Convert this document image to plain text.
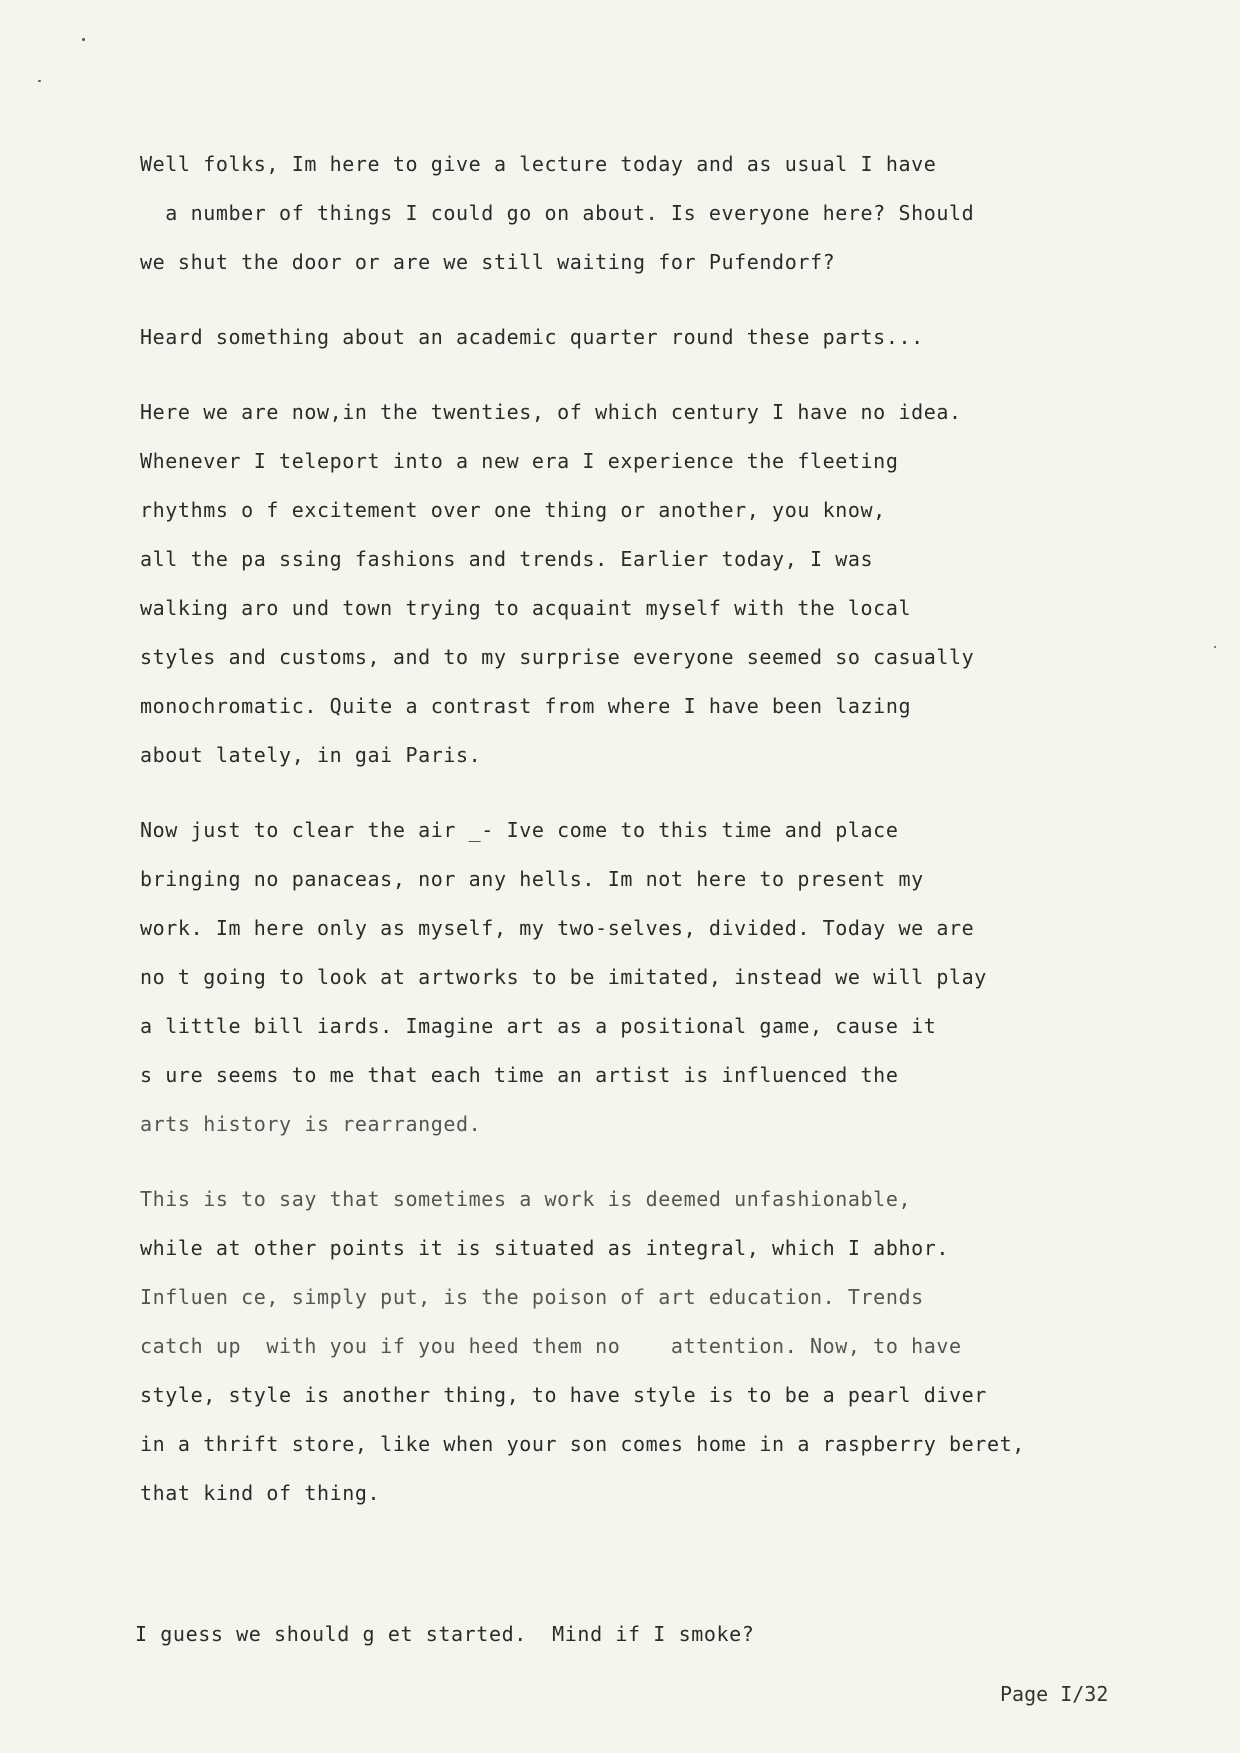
Well folks, Im here to give a lecture today and as usual I have
a number of things I could go on about. Is everyone here? Should
we shut the door or are we still waiting for Pufendorf?
Heard something about an academic quarter round these parts...
Here we are now,in the twenties, of which century I have no idea.
Whenever I teleport into a new era I experience the fleeting
rhythms o f excitement over one thing or another, you know,
all the pa ssing fashions and trends. Earlier today, I was
walking aro und town trying to acquaint myself with the local
styles and customs, and to my surprise everyone seemed so casually
monochromatic. Quite a contrast from where I have been lazing
about lately, in gai Paris.
Now just to clear the air _- Ive come to this time and place
bringing no panaceas, nor any hells. Im not here to present my
work. Im here only as myself, my two-selves, divided. Today we are
no t going to look at artworks to be imitated, instead we will play
a little bill iards. Imagine art as a positional game, cause it
s ure seems to me that each time an artist is influenced the
arts history is rearranged.
This is to say that sometimes a work is deemed unfashionable,
while at other points it is situated as integral, which I abhor.
Influen ce, simply put, is the poison of art education. Trends
catch up  with you if you heed them no    attention. Now, to have
style, style is another thing, to have style is to be a pearl diver
in a thrift store, like when your son comes home in a raspberry beret,
that kind of thing.
I guess we should g et started.  Mind if I smoke?
Page I/32
